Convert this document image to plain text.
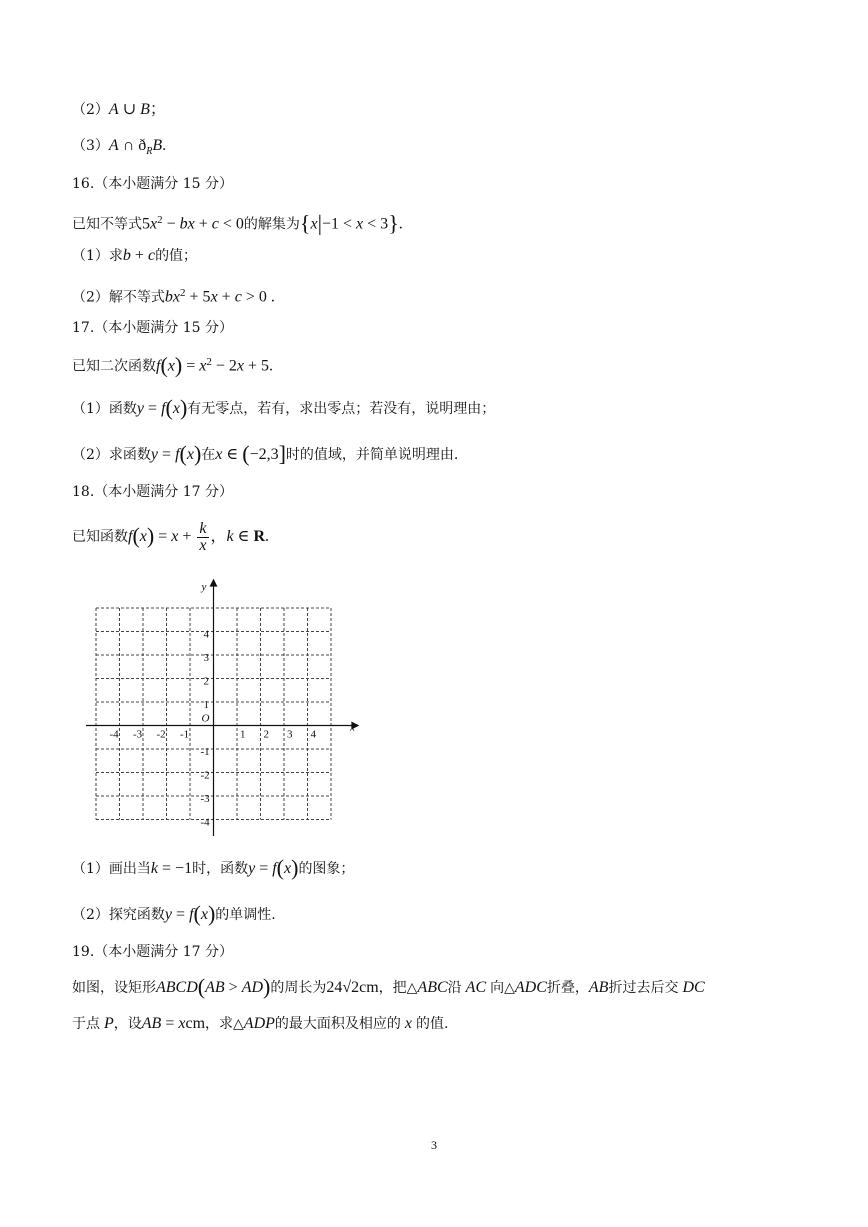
（2）A ∪ B；
（3）A ∩ $ð_RB$.
16.（本小题满分 15 分）
已知不等式$5x^2$ − bx + c < 0的解集为{x|−1 < x < 3}.
（1）求b + c的值；
（2）解不等式$bx^2 + 5x + c > 0$ .
17.（本小题满分 15 分）
已知二次函数$f(x) = x^2 - 2x + 5$.
（1）函数y = f(x)有无零点，若有，求出零点；若没有，说明理由；
（2）求函数y = f(x)在x ∈ (−2,3]时的值域，并简单说明理由.
18.（本小题满分 17 分）
已知函数$f(x) = x + \frac{k}{x}$ ，k ∈ R.
x
y
O
-4 -3 -2 -1	1 2 3 4
4
3
2
1
-1
-2
-3
-4
（1）画出当k = −1时，函数y = f(x)的图象；
（2）探究函数y = f(x)的单调性.
19.（本小题满分 17 分）
如图，设矩形ABCD(AB > AD)的周长为24√2cm，把△ABC沿 AC 向△ADC折叠，AB折过去后交 DC
于点 P，设AB = xcm，求△ADP的最大面积及相应的 x 的值.
3
